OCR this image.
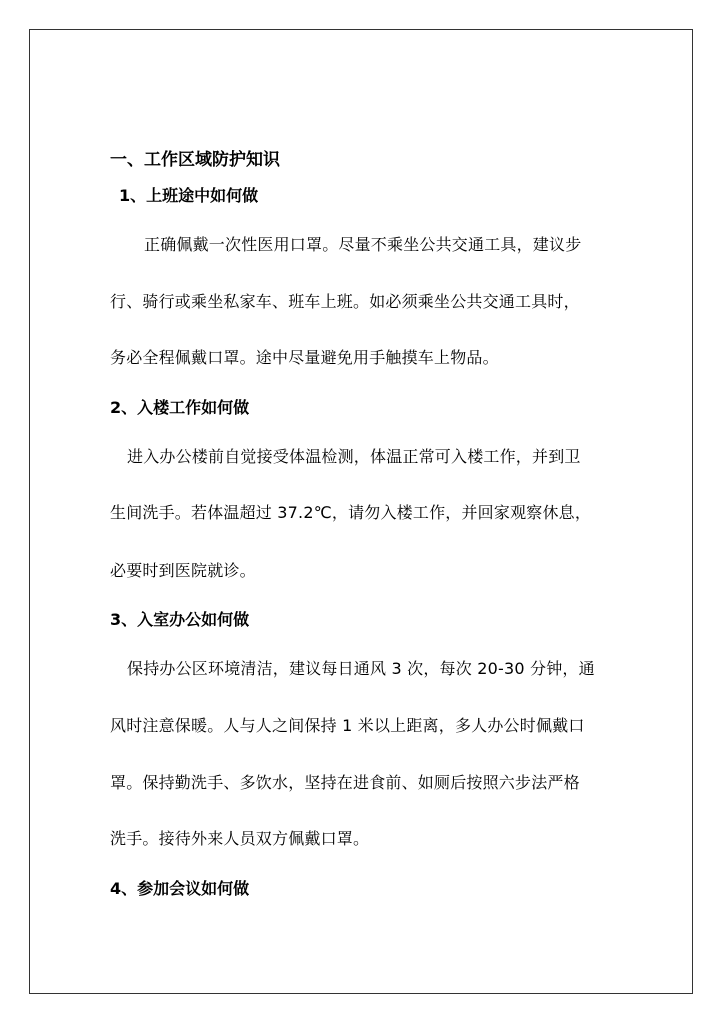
一、工作区域防护知识
1、上班途中如何做
正确佩戴一次性医用口罩。尽量不乘坐公共交通工具，建议步
行、骑行或乘坐私家车、班车上班。如必须乘坐公共交通工具时，
务必全程佩戴口罩。途中尽量避免用手触摸车上物品。
2、入楼工作如何做
进入办公楼前自觉接受体温检测，体温正常可入楼工作，并到卫
生间洗手。若体温超过 37.2℃，请勿入楼工作，并回家观察休息，
必要时到医院就诊。
3、入室办公如何做
保持办公区环境清洁，建议每日通风 3 次，每次 20-30 分钟，通
风时注意保暖。人与人之间保持 1 米以上距离，多人办公时佩戴口
罩。保持勤洗手、多饮水，坚持在进食前、如厕后按照六步法严格
洗手。接待外来人员双方佩戴口罩。
4、参加会议如何做
